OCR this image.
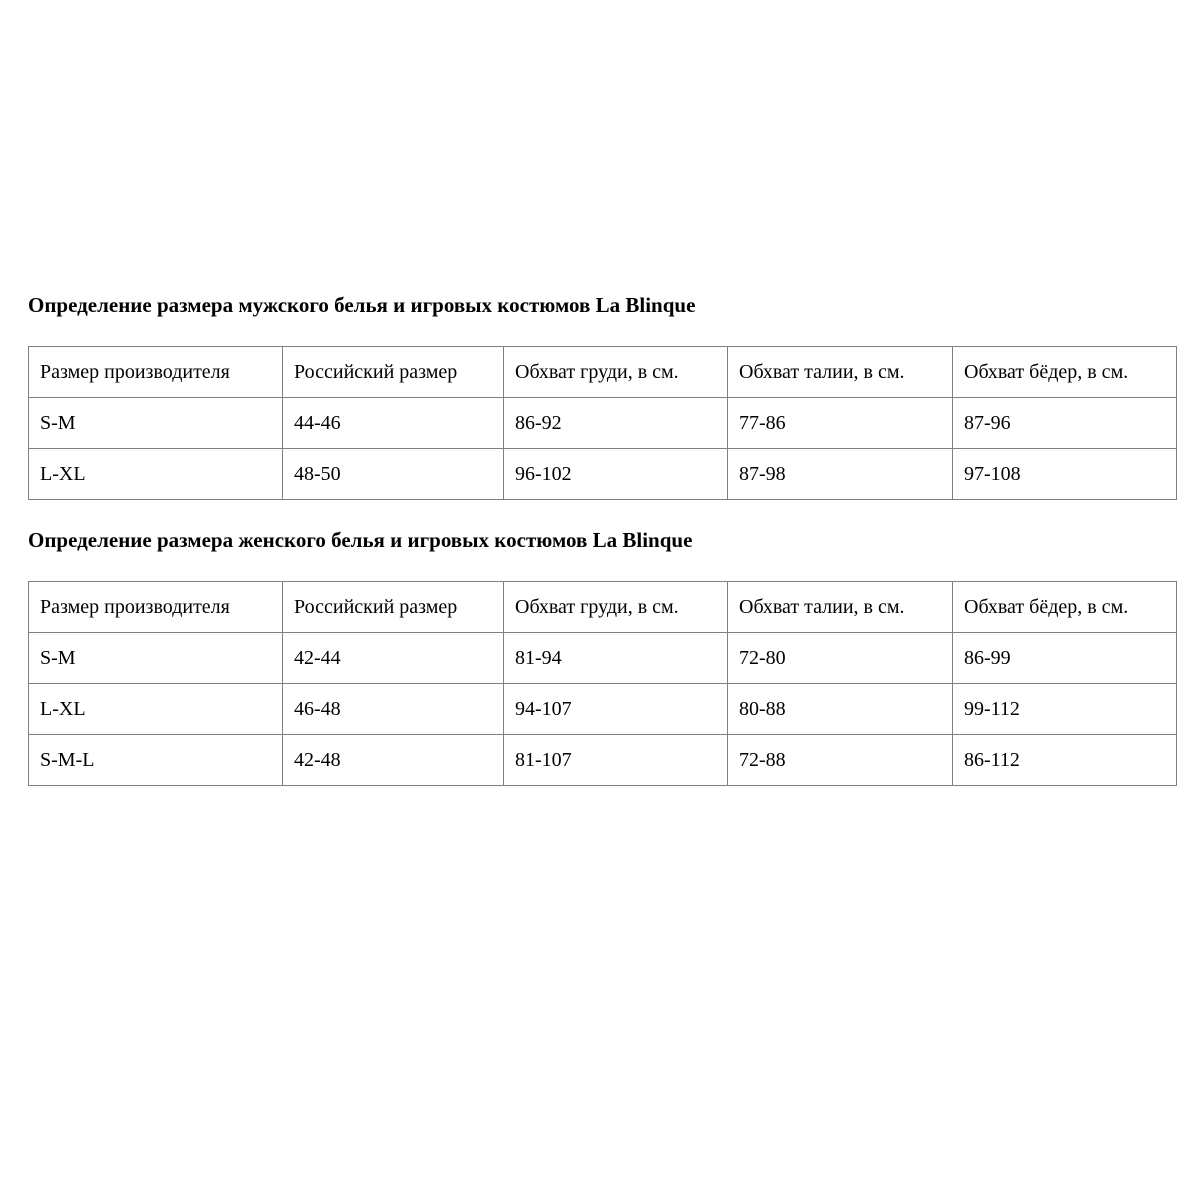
Определение размера мужского белья и игровых костюмов La Blinque
Размер производителя	Российский размер	Обхват груди, в см.	Обхват талии, в см.	Обхват бёдер, в см.
S-M	44-46	86-92	77-86	87-96
L-XL	48-50	96-102	87-98	97-108
Определение размера женского белья и игровых костюмов La Blinque
Размер производителя	Российский размер	Обхват груди, в см.	Обхват талии, в см.	Обхват бёдер, в см.
S-M	42-44	81-94	72-80	86-99
L-XL	46-48	94-107	80-88	99-112
S-M-L	42-48	81-107	72-88	86-112
